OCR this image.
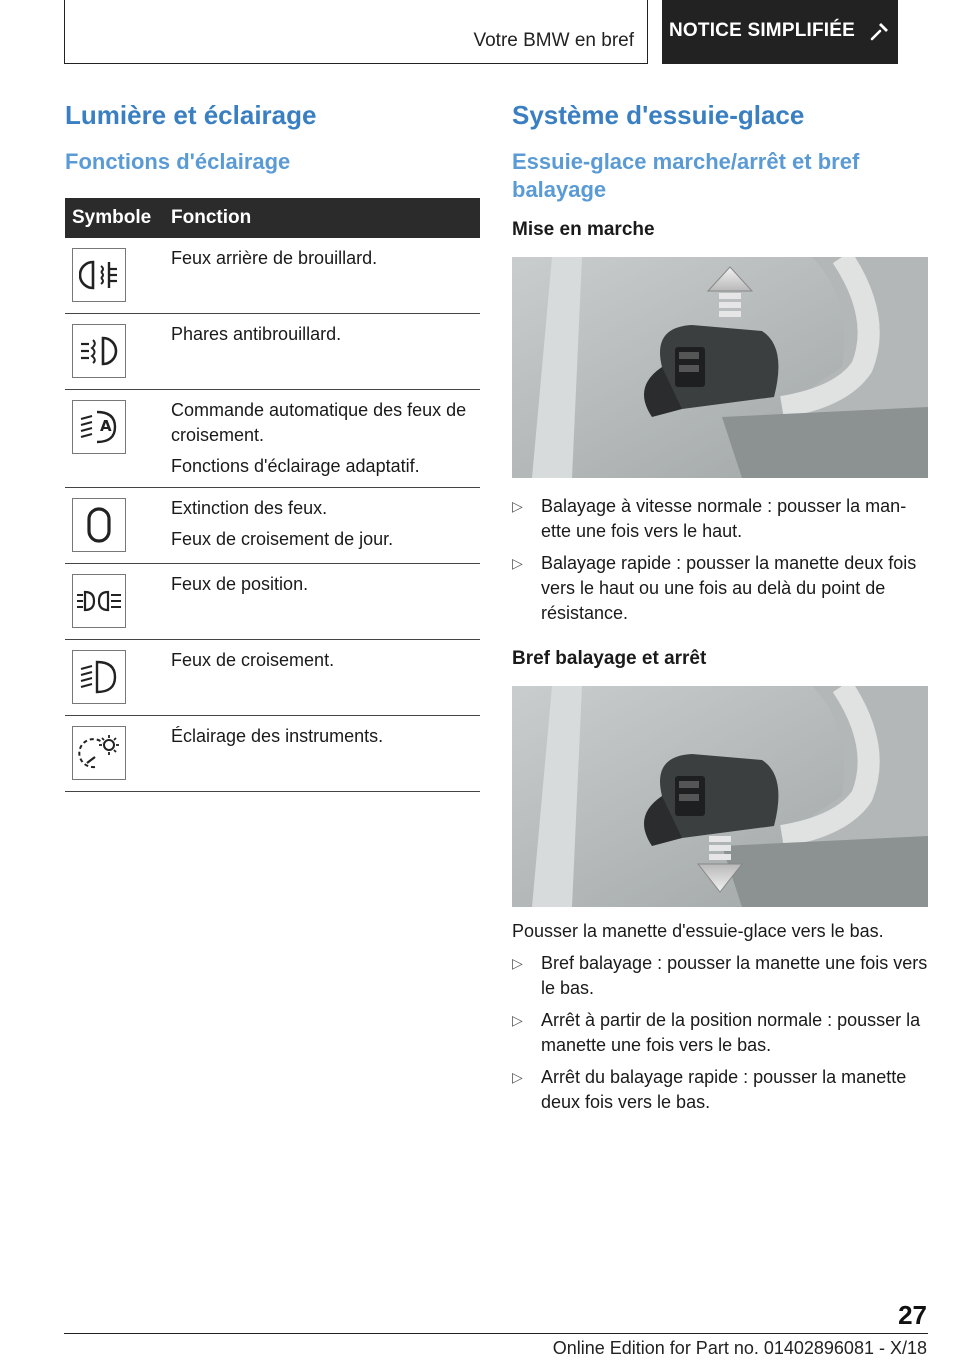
Votre BMW en bref NOTICE SIMPLIFIÉE
Lumière et éclairage
Fonctions d'éclairage
Symbole	Fonction

Feux arrière de brouillard.

Phares antibrouillard.

A	Commande automatique des feux de croisement.

Fonctions d'éclairage adaptatif.

Extinction des feux.

Feux de croisement de jour.

Feux de position.

Feux de croisement.

Éclairage des instruments.

Système d'essuie-glace
Essuie-glace marche/arrêt et bref balayage
Mise en marche
▷ Balayage à vitesse normale : pousser la man-ette une fois vers le haut.
▷ Balayage rapide : pousser la manette deux fois vers le haut ou une fois au delà du point de résistance.
Bref balayage et arrêt

Pousser la manette d'essuie-glace vers le bas.

▷ Bref balayage : pousser la manette une fois vers le bas.
▷ Arrêt à partir de la position normale : pousser la manette une fois vers le bas.
▷ Arrêt du balayage rapide : pousser la manette deux fois vers le bas.
27
Online Edition for Part no. 01402896081 - X/18
